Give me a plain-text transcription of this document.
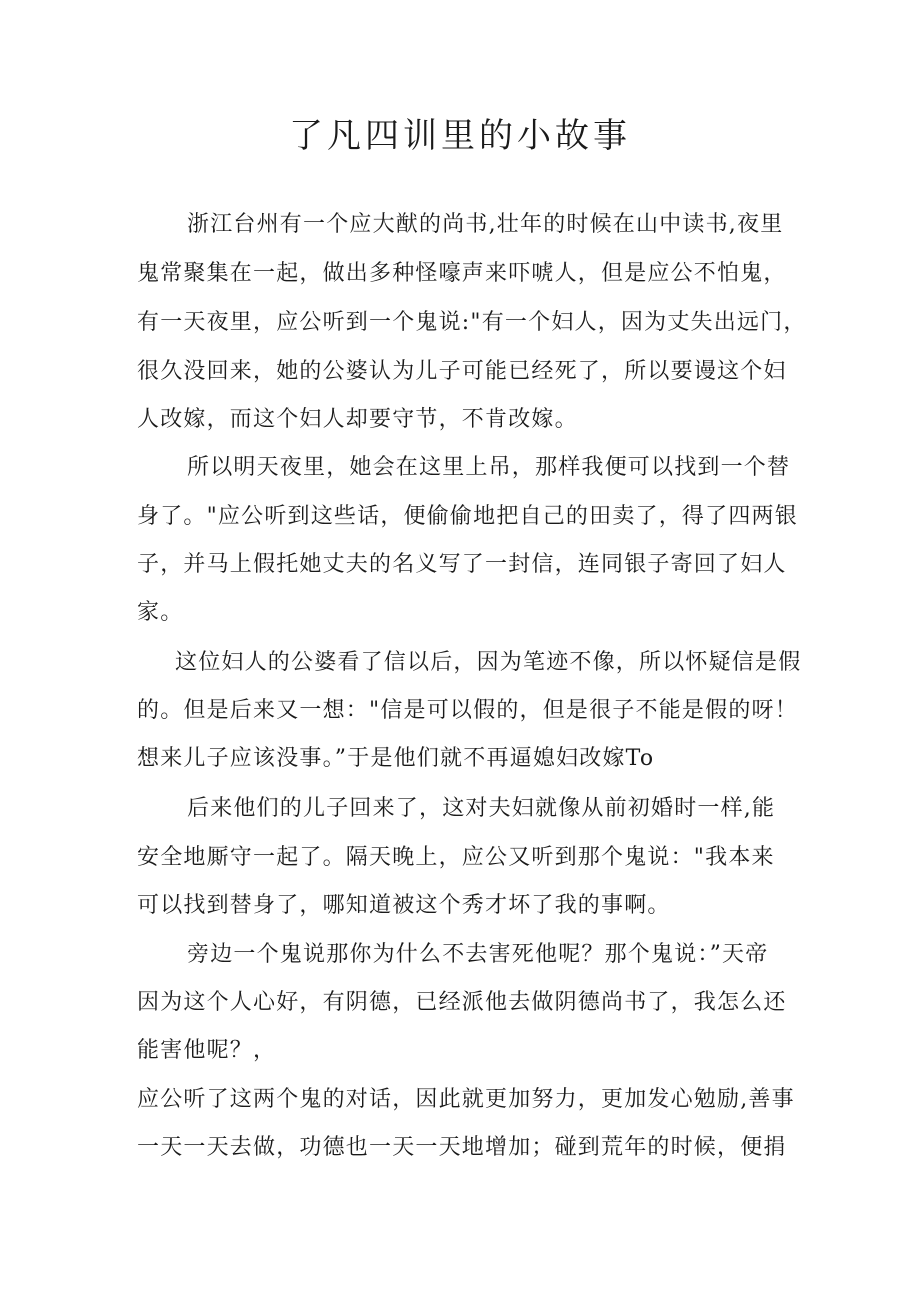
了凡四训里的小故事
浙江台州有一个应大猷的尚书,壮年的时候在山中读书,夜里
鬼常聚集在一起，做出多种怪嚎声来吓唬人，但是应公不怕鬼，
有一天夜里，应公听到一个鬼说:"有一个妇人，因为丈失出远门，
很久没回来，她的公婆认为儿子可能已经死了，所以要谩这个妇
人改嫁，而这个妇人却要守节，不肯改嫁。
所以明天夜里，她会在这里上吊，那样我便可以找到一个替
身了。"应公听到这些话，便偷偷地把自己的田卖了，得了四两银
子，并马上假托她丈夫的名义写了一封信，连同银子寄回了妇人
家。
这位妇人的公婆看了信以后，因为笔迹不像，所以怀疑信是假
的。但是后来又一想："信是可以假的，但是很子不能是假的呀！
想来儿子应该没事。”于是他们就不再逼媳妇改嫁To
后来他们的儿子回来了，这对夫妇就像从前初婚时一样,能
安全地厮守一起了。隔天晚上，应公又听到那个鬼说："我本来
可以找到替身了，哪知道被这个秀才坏了我的事啊。
旁边一个鬼说那你为什么不去害死他呢？那个鬼说：”天帝
因为这个人心好，有阴德，已经派他去做阴德尚书了，我怎么还
能害他呢？，
应公听了这两个鬼的对话，因此就更加努力，更加发心勉励,善事
一天一天去做，功德也一天一天地增加；碰到荒年的时候，便捐
